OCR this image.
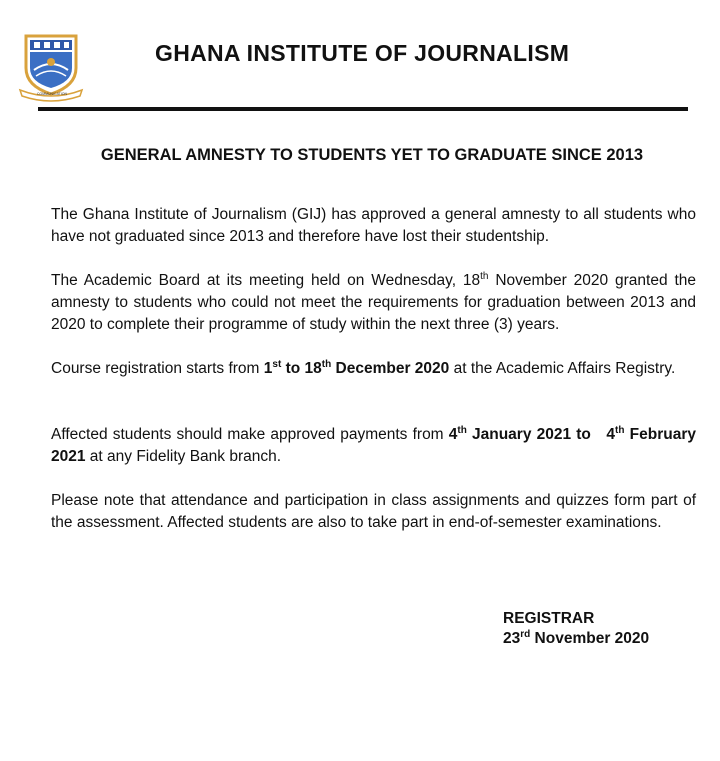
COMMUNICATION
GHANA INSTITUTE OF JOURNALISM
GENERAL AMNESTY TO STUDENTS YET TO GRADUATE SINCE 2013
The Ghana Institute of Journalism (GIJ) has approved a general amnesty to all students who have not graduated since 2013 and therefore have lost their studentship.
The Academic Board at its meeting held on Wednesday, 18th November 2020 granted the amnesty to students who could not meet the requirements for graduation between 2013 and 2020 to complete their programme of study within the next three (3) years.
Course registration starts from 1st to 18th December 2020 at the Academic Affairs Registry.
Affected students should make approved payments from 4th January 2021 to   4th February 2021 at any Fidelity Bank branch.
Please note that attendance and participation in class assignments and quizzes form part of the assessment. Affected students are also to take part in end-of-semester examinations.
REGISTRAR
23rd November 2020
